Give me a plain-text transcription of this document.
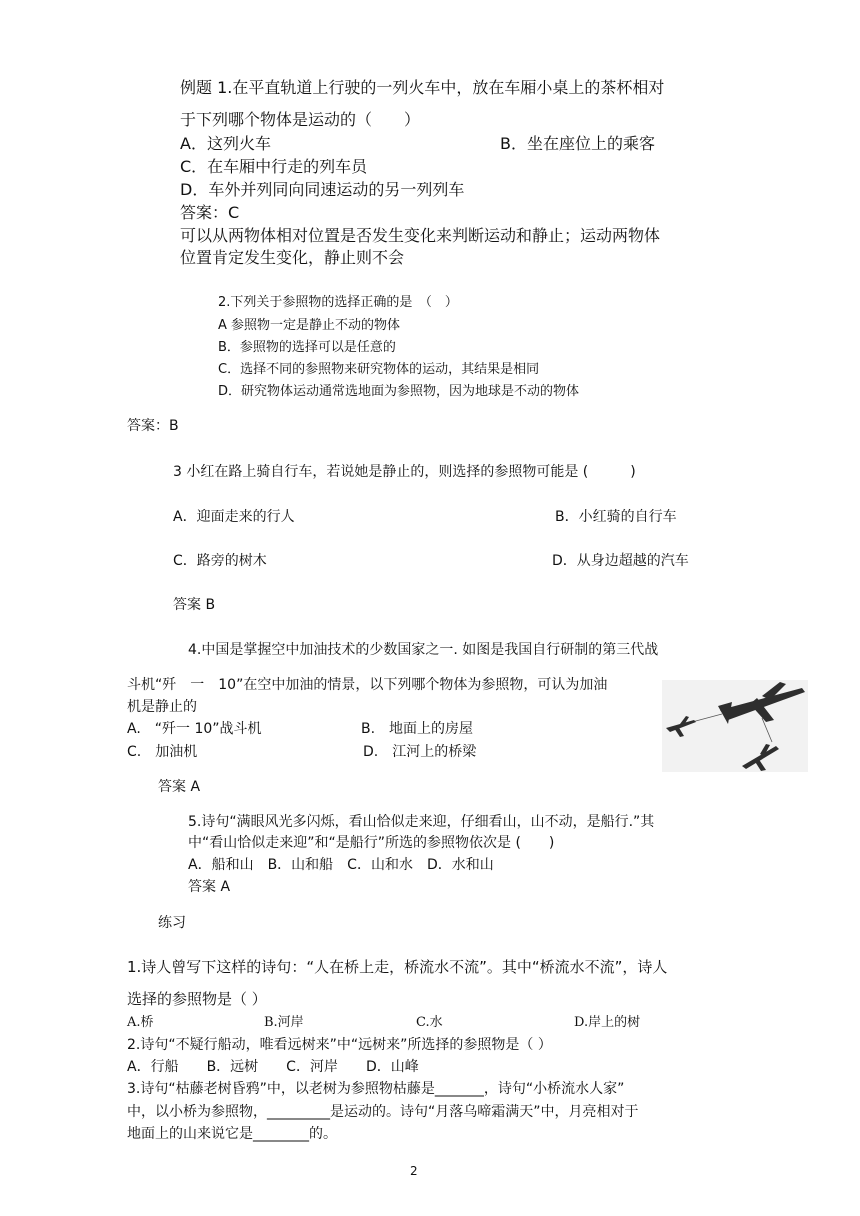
例题 1.在平直轨道上行驶的一列火车中，放在车厢小桌上的茶杯相对
于下列哪个物体是运动的（　　）
A．这列火车	B．坐在座位上的乘客
C．在车厢中行走的列车员
D．车外并列同向同速运动的另一列列车
答案：C
可以从两物体相对位置是否发生变化来判断运动和静止；运动两物体
位置肯定发生变化，静止则不会
2.下列关于参照物的选择正确的是　（　）
A 参照物一定是静止不动的物体
B．参照物的选择可以是任意的
C．选择不同的参照物来研究物体的运动，其结果是相同
D．研究物体运动通常选地面为参照物，因为地球是不动的物体
答案：B
3 小红在路上骑自行车，若说她是静止的，则选择的参照物可能是 (　　　)
A．迎面走来的行人	B．小红骑的自行车
C．路旁的树木	D．从身边超越的汽车
答案 B
4.中国是掌握空中加油技术的少数国家之一. 如图是我国自行研制的第三代战
斗机“歼　一　10”在空中加油的情景，以下列哪个物体为参照物，可认为加油
机是静止的
A.　“歼一 10”战斗机	B.　地面上的房屋
C.　加油机	D.　江河上的桥梁
答案 A
5.诗句“满眼风光多闪烁，看山恰似走来迎，仔细看山，山不动，是船行.”其
中“看山恰似走来迎”和“是船行”所选的参照物依次是 (　　)
A．船和山　B．山和船　C．山和水　D．水和山
答案 A
练习
1.诗人曾写下这样的诗句：“人在桥上走，桥流水不流”。其中“桥流水不流”，诗人
选择的参照物是（ ）
A.桥	B.河岸	C.水	D.岸上的树
2.诗句“不疑行船动，唯看远树来”中“远树来”所选择的参照物是（ ）
A．行船　　B．远树　　C．河岸　　D．山峰
3.诗句“枯藤老树昏鸦”中，以老树为参照物枯藤是_______，诗句“小桥流水人家”
中，以小桥为参照物，_________是运动的。诗句“月落乌啼霜满天”中，月亮相对于
地面上的山来说它是________的。
2
